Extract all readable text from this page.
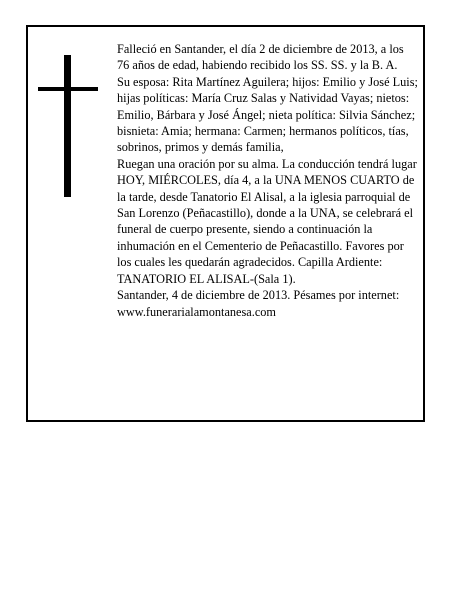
Falleció en Santander, el día 2 de diciembre de 2013, a los 76 años de edad, habiendo recibido los SS. SS. y la B. A.

Su esposa: Rita Martínez Aguilera; hijos: Emilio y José Luis; hijas políticas: María Cruz Salas y Natividad Vayas; nietos: Emilio, Bárbara y José Ángel; nieta política: Silvia Sánchez; bisnieta: Amia; hermana: Carmen; hermanos políticos, tías, sobrinos, primos y demás familia,

Ruegan una oración por su alma. La conducción tendrá lugar HOY, MIÉRCOLES, día 4, a la UNA MENOS CUARTO de la tarde, desde Tanatorio El Alisal, a la iglesia parroquial de San Lorenzo (Peñacastillo), donde a la UNA, se celebrará el funeral de cuerpo presente, siendo a continuación la inhumación en el Cementerio de Peñacastillo. Favores por los cuales les quedarán agradecidos. Capilla Ardiente: TANATORIO EL ALISAL-(Sala 1).

Santander, 4 de diciembre de 2013. Pésames por internet: www.funerarialamontanesa.com
